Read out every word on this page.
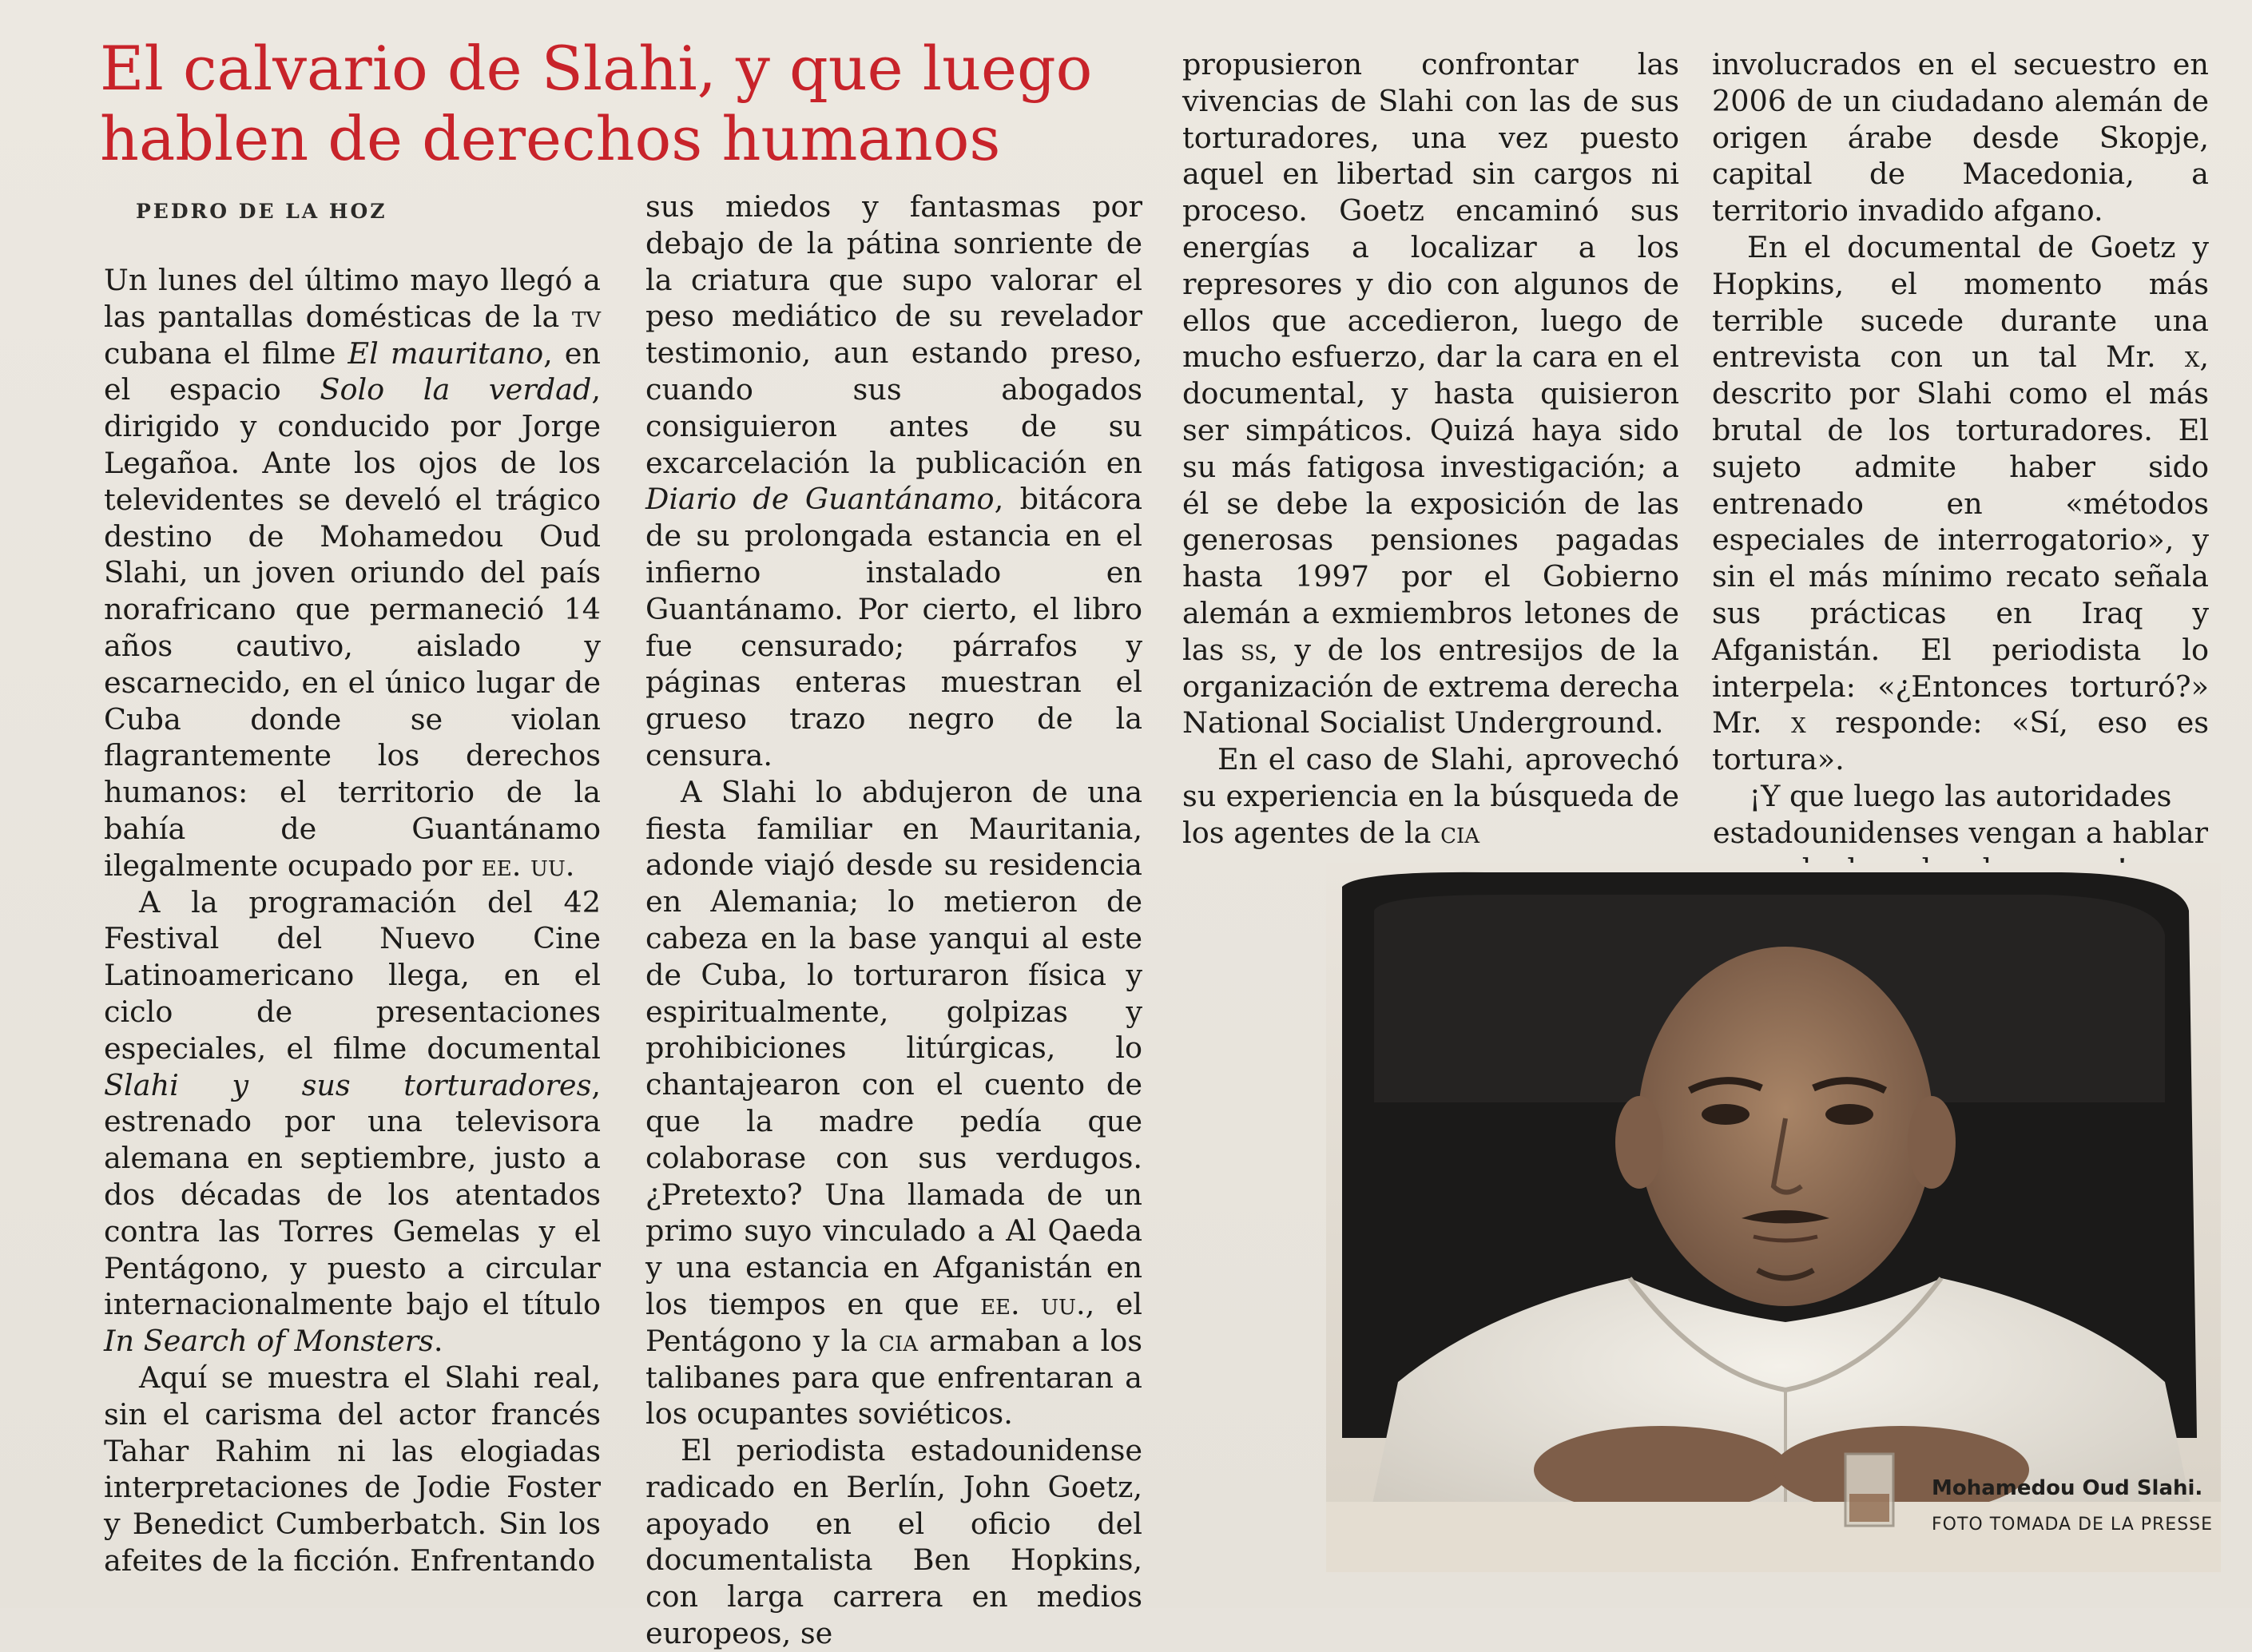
El calvario de Slahi, y que luego
hablen de derechos humanos
PEDRO DE LA HOZ

Un lunes del último mayo llegó a las pantallas domésticas de la tv cubana el filme El mauritano, en el espacio Solo la verdad, dirigido y conducido por Jorge Legañoa. Ante los ojos de los televidentes se develó el trágico destino de Mohamedou Oud Slahi, un joven oriundo del país norafricano que permaneció 14 años cautivo, aislado y escarnecido, en el único lugar de Cuba donde se violan flagrantemente los derechos humanos: el territorio de la bahía de Guantánamo ilegalmente ocupado por ee. uu.

A la programación del 42 Festival del Nuevo Cine Latinoamericano llega, en el ciclo de presentaciones especiales, el filme documental Slahi y sus torturadores, estrenado por una televisora alemana en septiembre, justo a dos décadas de los atentados contra las Torres Gemelas y el Pentágono, y puesto a circular internacionalmente bajo el título In Search of Monsters.

Aquí se muestra el Slahi real, sin el carisma del actor francés Tahar Rahim ni las elogiadas interpretaciones de Jodie Foster y Benedict Cumberbatch. Sin los afeites de la ficción. Enfrentando

sus miedos y fantasmas por debajo de la pátina sonriente de la criatura que supo valorar el peso mediático de su revelador testimonio, aun estando preso, cuando sus abogados consiguieron antes de su excarcelación la publicación en Diario de Guantánamo, bitácora de su prolongada estancia en el infierno instalado en Guantánamo. Por cierto, el libro fue censurado; párrafos y páginas enteras muestran el grueso trazo negro de la censura.

A Slahi lo abdujeron de una fiesta familiar en Mauritania, adonde viajó desde su residencia en Alemania; lo metieron de cabeza en la base yanqui al este de Cuba, lo torturaron física y espiritualmente, golpizas y prohibiciones litúrgicas, lo chantajearon con el cuento de que la madre pedía que colaborase con sus verdugos. ¿Pretexto? Una llamada de un primo suyo vinculado a Al Qaeda y una estancia en Afganistán en los tiempos en que ee. uu., el Pentágono y la cia armaban a los talibanes para que enfrentaran a los ocupantes soviéticos.

El periodista estadounidense radicado en Berlín, John Goetz, apoyado en el oficio del documentalista Ben Hopkins, con larga carrera en medios europeos, se

propusieron confrontar las vivencias de Slahi con las de sus torturadores, una vez puesto aquel en libertad sin cargos ni proceso. Goetz encaminó sus energías a localizar a los represores y dio con algunos de ellos que accedieron, luego de mucho esfuerzo, dar la cara en el documental, y hasta quisieron ser simpáticos. Quizá haya sido su más fatigosa investigación; a él se debe la exposición de las generosas pensiones pagadas hasta 1997 por el Gobierno alemán a exmiembros letones de las ss, y de los entresijos de la organización de extrema derecha National Socialist Underground.

En el caso de Slahi, aprovechó su experiencia en la búsqueda de los agentes de la cia

involucrados en el secuestro en 2006 de un ciudadano alemán de origen árabe desde Skopje, capital de Macedonia, a territorio invadido afgano.

En el documental de Goetz y Hopkins, el momento más terrible sucede durante una entrevista con un tal Mr. x, descrito por Slahi como el más brutal de los torturadores. El sujeto admite haber sido entrenado en «métodos especiales de interrogatorio», y sin el más mínimo recato señala sus prácticas en Iraq y Afganistán. El periodista lo interpela: «¿Entonces torturó?» Mr. x responde: «Sí, eso es tortura».

¡Y que luego las autoridades estadounidenses vengan a hablar

Mohamedou Oud Slahi.
FOTO TOMADA DE LA PRESSE
